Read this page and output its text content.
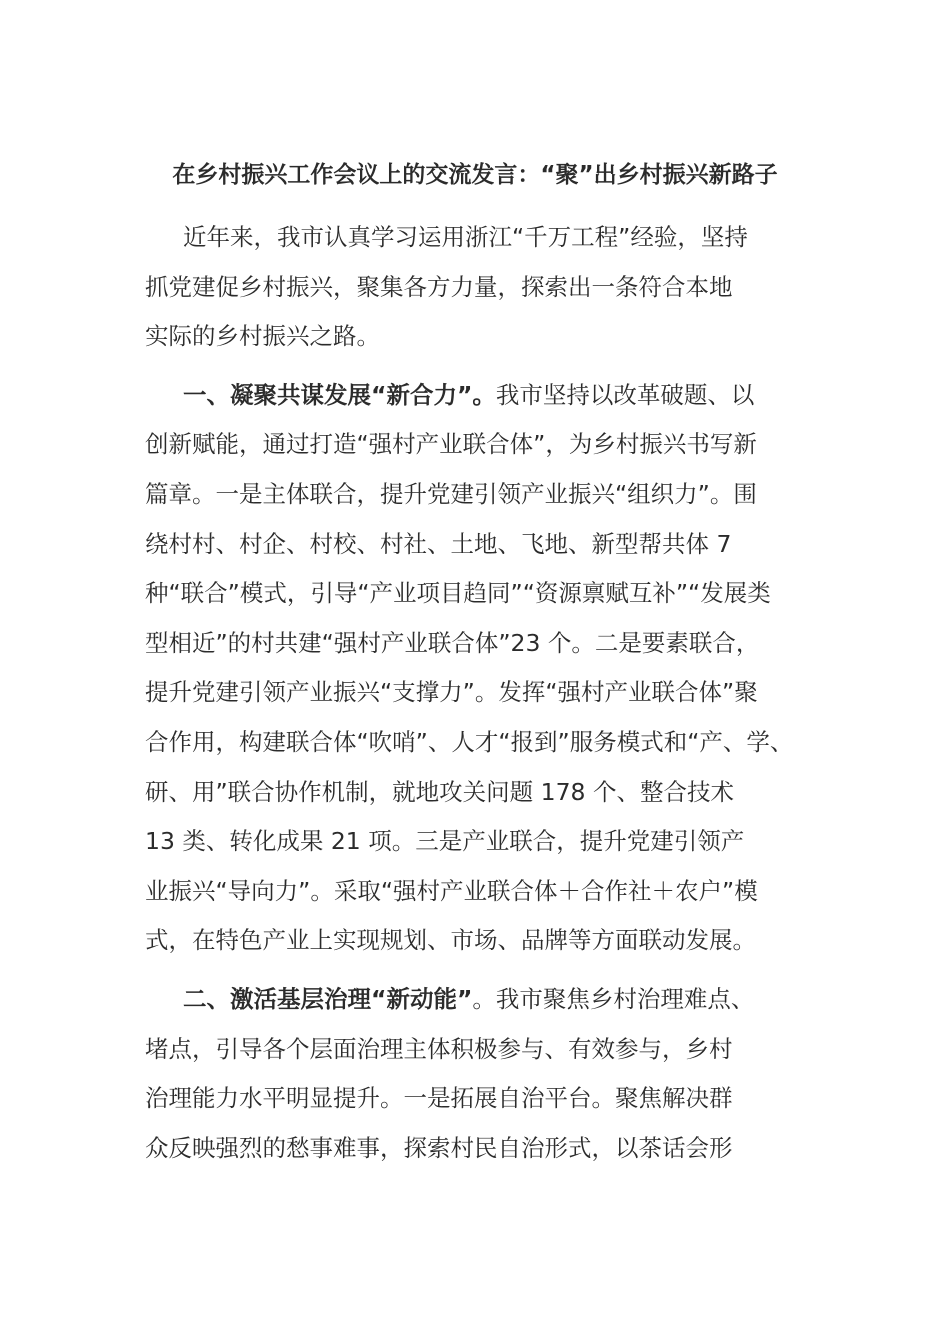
在乡村振兴工作会议上的交流发言：“聚”出乡村振兴新路子
近年来，我市认真学习运用浙江“千万工程”经验，坚持
抓党建促乡村振兴，聚集各方力量，探索出一条符合本地
实际的乡村振兴之路。
一、凝聚共谋发展“新合力”。我市坚持以改革破题、以
创新赋能，通过打造“强村产业联合体”，为乡村振兴书写新
篇章。一是主体联合，提升党建引领产业振兴“组织力”。围
绕村村、村企、村校、村社、土地、飞地、新型帮共体 7
种“联合”模式，引导“产业项目趋同”“资源禀赋互补”“发展类
型相近”的村共建“强村产业联合体”23 个。二是要素联合，
提升党建引领产业振兴“支撑力”。发挥“强村产业联合体”聚
合作用，构建联合体“吹哨”、人才“报到”服务模式和“产、学、
研、用”联合协作机制，就地攻关问题 178 个、整合技术
13 类、转化成果 21 项。三是产业联合，提升党建引领产
业振兴“导向力”。采取“强村产业联合体＋合作社＋农户”模
式，在特色产业上实现规划、市场、品牌等方面联动发展。
二、激活基层治理“新动能”。我市聚焦乡村治理难点、
堵点，引导各个层面治理主体积极参与、有效参与，乡村
治理能力水平明显提升。一是拓展自治平台。聚焦解决群
众反映强烈的愁事难事，探索村民自治形式，以茶话会形
